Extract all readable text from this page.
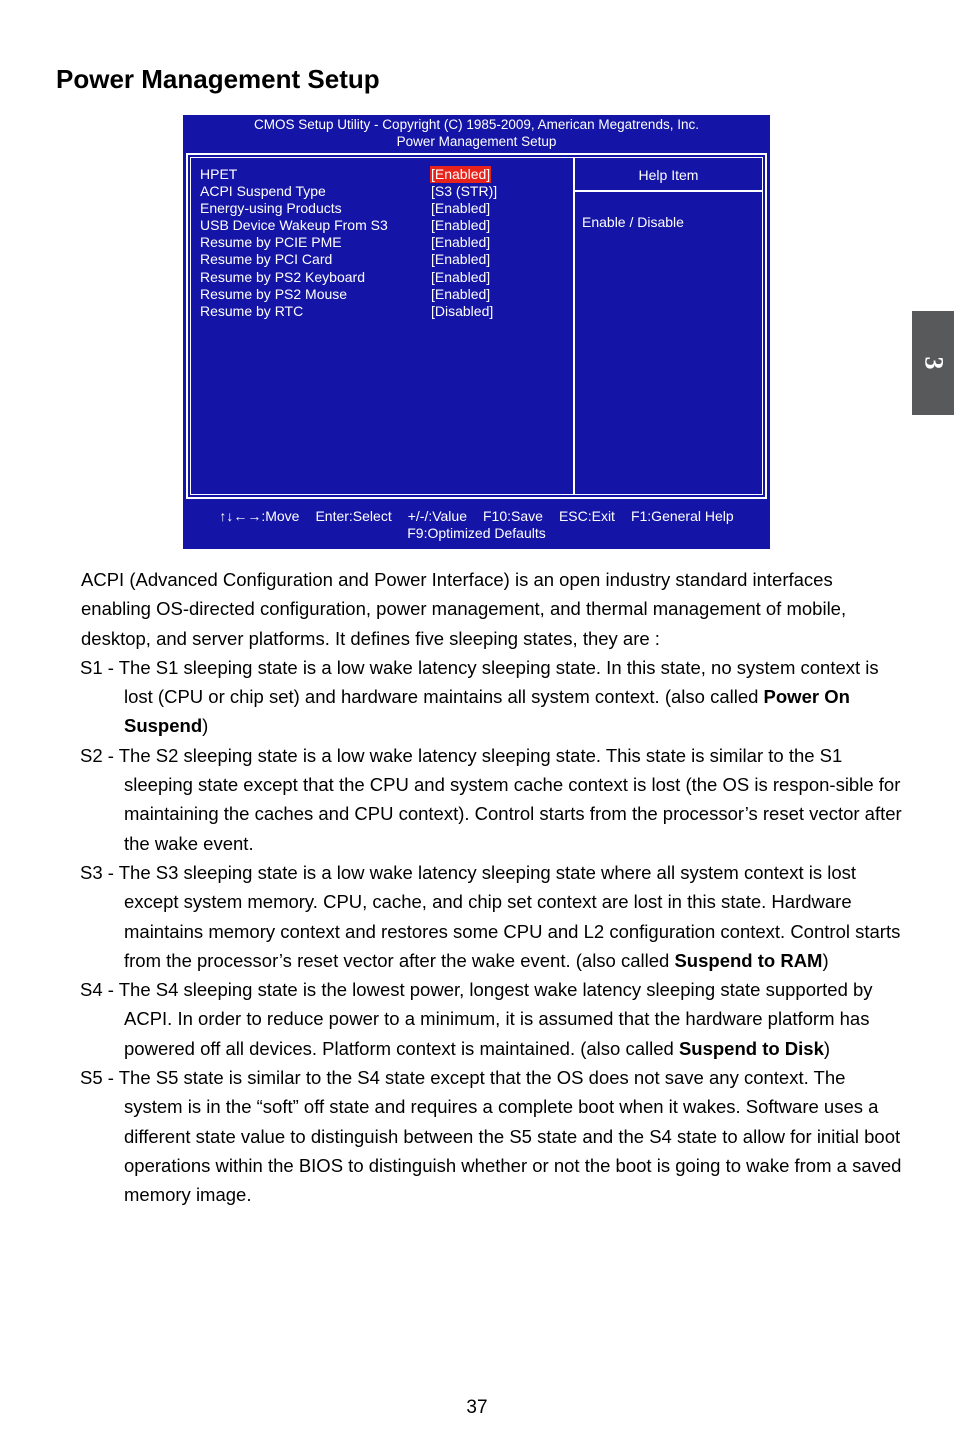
Power Management Setup
3
CMOS Setup Utility - Copyright (C) 1985-2009, American Megatrends, Inc.
Power Management Setup
HPET	[Enabled]
ACPI Suspend Type	[S3 (STR)]
Energy-using Products	[Enabled]
USB Device Wakeup From S3	[Enabled]
Resume by PCIE PME	[Enabled]
Resume by PCI Card	[Enabled]
Resume by PS2 Keyboard	[Enabled]
Resume by PS2 Mouse	[Enabled]
Resume by RTC	[Disabled]
Help Item
Enable / Disable
↑↓←→:Move Enter:Select +/-/:Value F10:Save ESC:Exit F1:General Help
F9:Optimized Defaults

ACPI (Advanced Configuration and Power Interface) is an open industry standard interfaces enabling OS-directed configuration, power management, and thermal management of mobile, desktop, and server platforms. It defines five sleeping states, they are :

S1 - The S1 sleeping state is a low wake latency sleeping state. In this state, no system context is lost (CPU or chip set) and hardware maintains all system context. (also called Power On Suspend)

S2 - The S2 sleeping state is a low wake latency sleeping state. This state is similar to the S1 sleeping state except that the CPU and system cache context is lost (the OS is respon-sible for maintaining the caches and CPU context). Control starts from the processor’s reset vector after the wake event.

S3 - The S3 sleeping state is a low wake latency sleeping state where all system context is lost except system memory. CPU, cache, and chip set context are lost in this state. Hardware maintains memory context and restores some CPU and L2 configuration context. Control starts from the processor’s reset vector after the wake event. (also called Suspend to RAM)

S4 - The S4 sleeping state is the lowest power, longest wake latency sleeping state supported by ACPI. In order to reduce power to a minimum, it is assumed that the hardware platform has powered off all devices. Platform context is maintained. (also called Suspend to Disk)

S5 - The S5 state is similar to the S4 state except that the OS does not save any context. The system is in the “soft” off state and requires a complete boot when it wakes. Software uses a different state value to distinguish between the S5 state and the S4 state to allow for initial boot operations within the BIOS to distinguish whether or not the boot is going to wake from a saved memory image.

37
